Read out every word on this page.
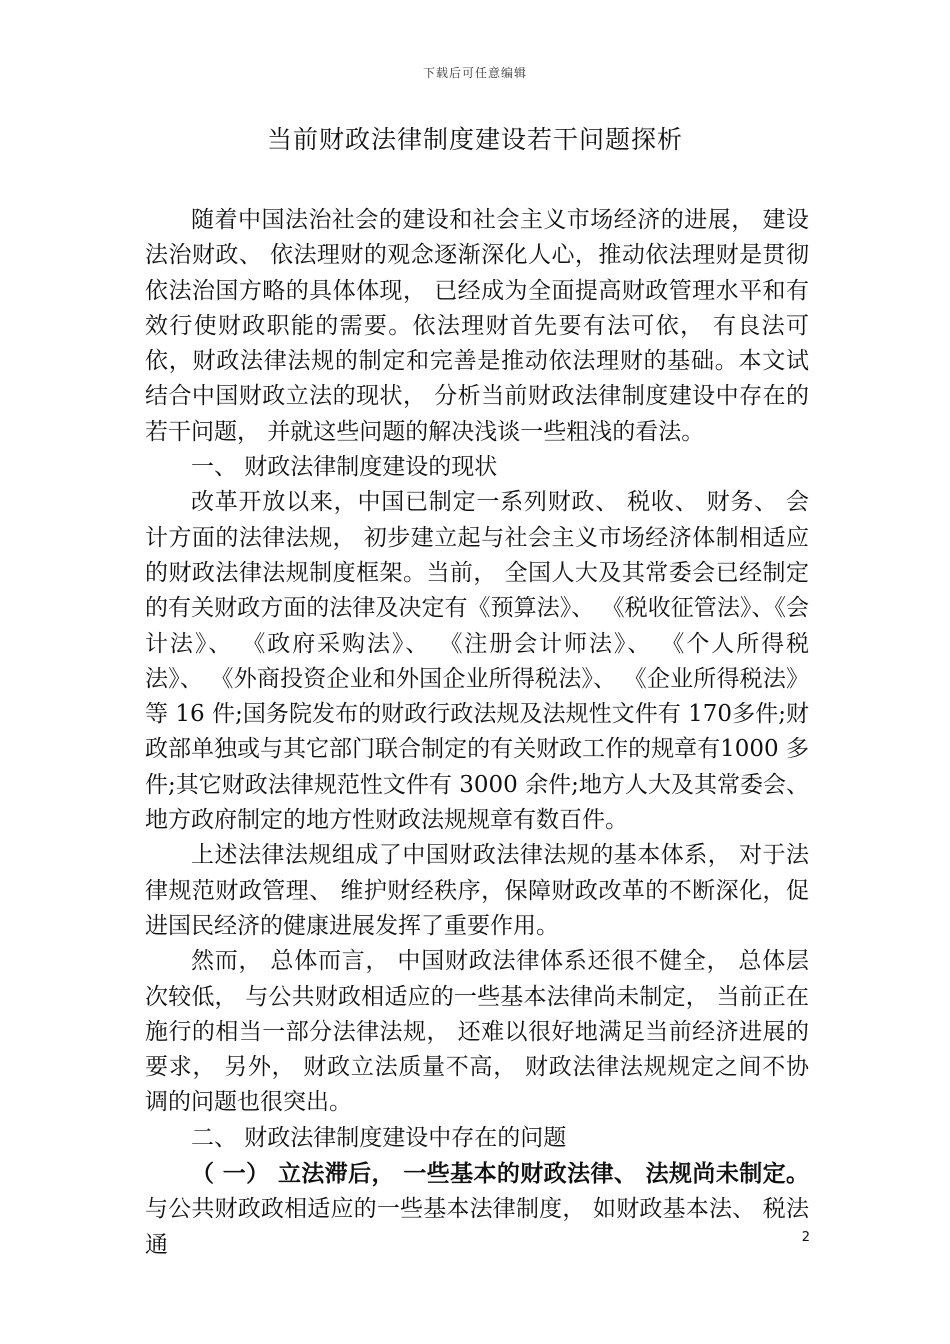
下载后可任意编辑
当前财政法律制度建设若干问题探析

随着中国法治社会的建设和社会主义市场经济的进展， 建设法治财政、 依法理财的观念逐渐深化人心，推动依法理财是贯彻依法治国方略的具体体现， 已经成为全面提高财政管理水平和有效行使财政职能的需要。依法理财首先要有法可依， 有良法可依，财政法律法规的制定和完善是推动依法理财的基础。本文试结合中国财政立法的现状， 分析当前财政法律制度建设中存在的若干问题， 并就这些问题的解决浅谈一些粗浅的看法。

一、 财政法律制度建设的现状

改革开放以来，中国已制定一系列财政、 税收、 财务、 会计方面的法律法规， 初步建立起与社会主义市场经济体制相适应的财政法律法规制度框架。当前， 全国人大及其常委会已经制定的有关财政方面的法律及决定有《预算法》、 《税收征管法》、《会计法》、 《政府采购法》、 《注册会计师法》、 《个人所得税法》、 《外商投资企业和外国企业所得税法》、 《企业所得税法》等 16 件;国务院发布的财政行政法规及法规性文件有 170多件;财政部单独或与其它部门联合制定的有关财政工作的规章有1000 多件;其它财政法律规范性文件有 3000 余件;地方人大及其常委会、 地方政府制定的地方性财政法规规章有数百件。

上述法律法规组成了中国财政法律法规的基本体系， 对于法律规范财政管理、 维护财经秩序，保障财政改革的不断深化，促进国民经济的健康进展发挥了重要作用。

然而， 总体而言， 中国财政法律体系还很不健全， 总体层次较低， 与公共财政相适应的一些基本法律尚未制定， 当前正在施行的相当一部分法律法规， 还难以很好地满足当前经济进展的要求， 另外， 财政立法质量不高， 财政法律法规规定之间不协调的问题也很突出。

二、 财政法律制度建设中存在的问题

（ 一） 立法滞后， 一些基本的财政法律、 法规尚未制定。与公共财政政相适应的一些基本法律制度， 如财政基本法、 税法通	2
